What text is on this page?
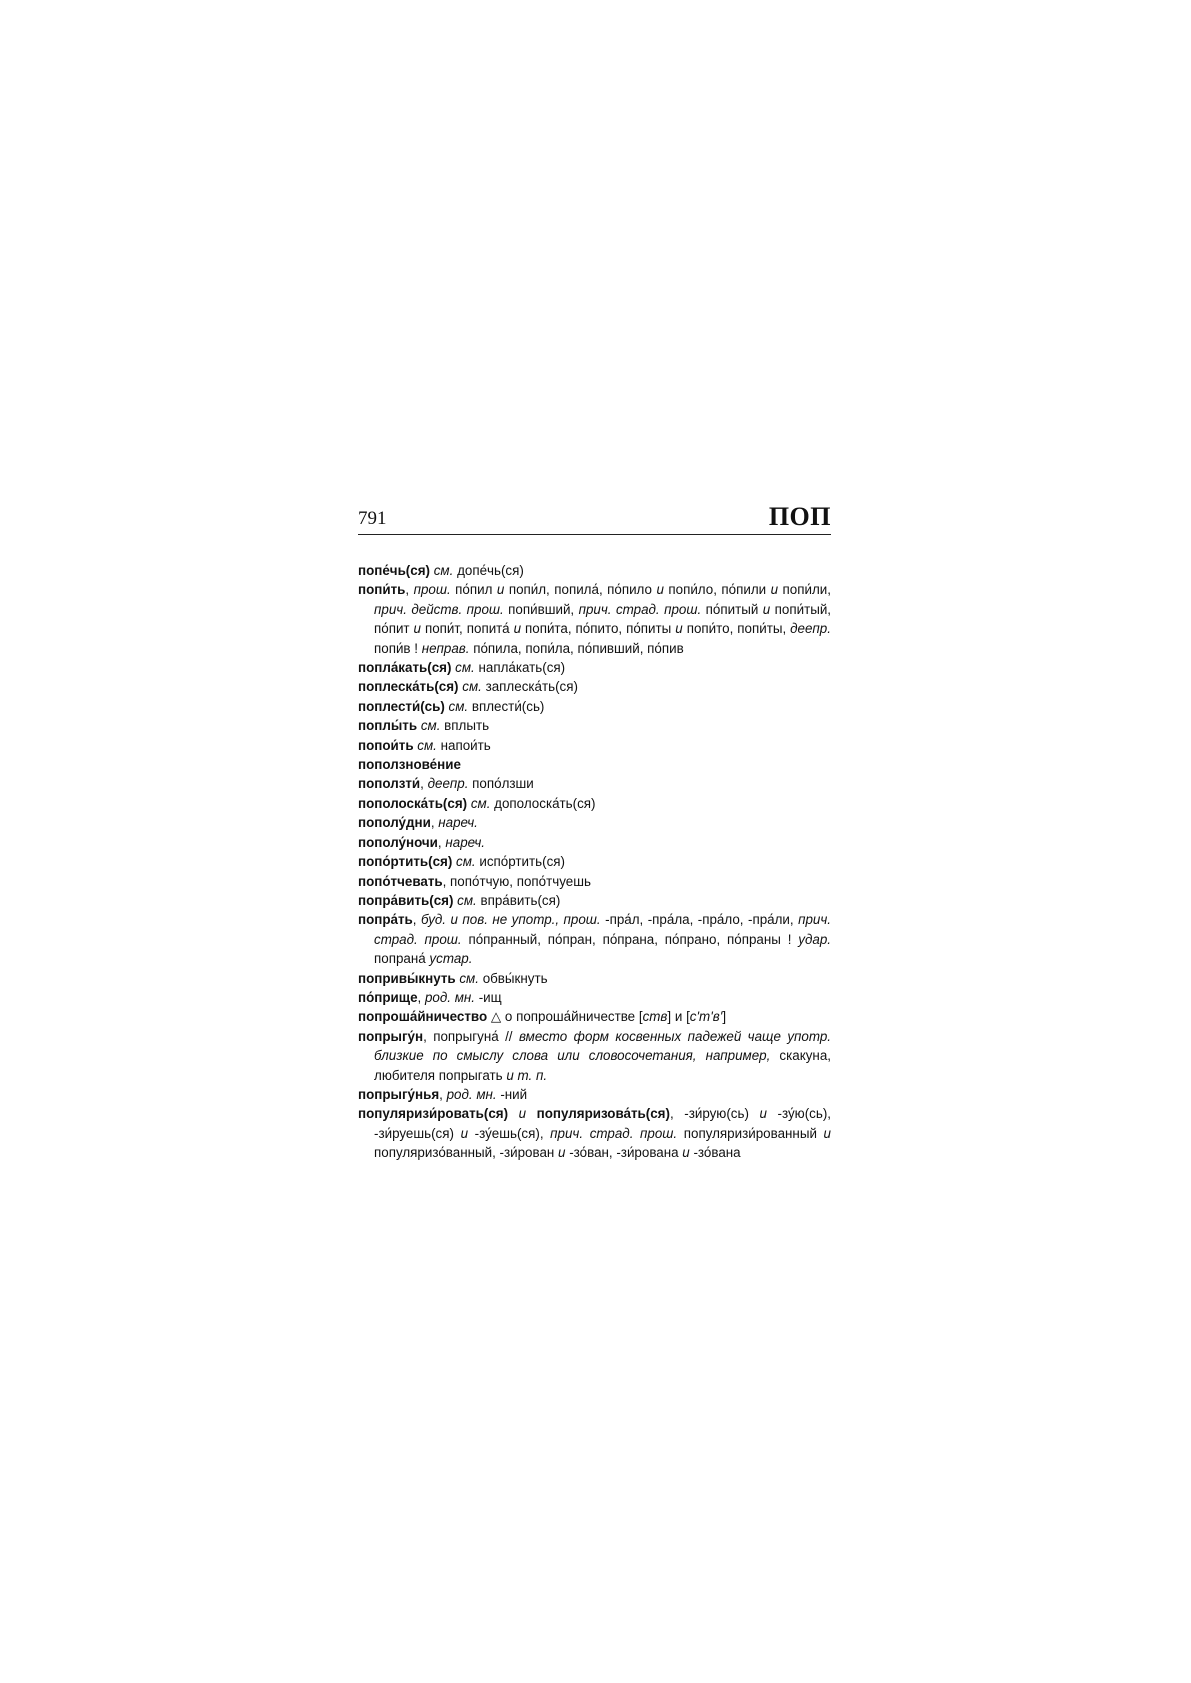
791	ПОП
попе́чь(ся) см. допе́чь(ся)
попи́ть, прош. по́пил и попи́л, попила́, по́пило и попи́ло, по́пили и попи́ли, прич. действ. прош. попи́вший, прич. страд. прош. по́питый и попи́тый, по́пит и попи́т, попита́ и попи́та, по́пито, по́питы и попи́то, попи́ты, деепр. попи́в ! неправ. по́пила, попи́ла, по́пивший, по́пив
попла́кать(ся) см. напла́кать(ся)
поплеска́ть(ся) см. заплеска́ть(ся)
поплести́(сь) см. вплести́(сь)
поплы́ть см. вплыть
попои́ть см. напои́ть
поползнове́ние
поползти́, деепр. попо́лзши
пополоска́ть(ся) см. дополоска́ть(ся)
пополу́дни, нареч.
пополу́ночи, нареч.
попо́ртить(ся) см. испо́ртить(ся)
попо́тчевать, попо́тчую, попо́тчуешь
попра́вить(ся) см. впра́вить(ся)
попра́ть, буд. и пов. не употр., прош. -пра́л, -пра́ла, -пра́ло, -пра́ли, прич. страд. прош. по́пранный, по́пран, по́прана, по́прано, по́праны ! удар. попрана́ устар.
попривы́кнуть см. обвы́кнуть
по́прище, род. мн. -ищ
попроша́йничество △ о попроша́йничестве [ств] и [с'т'в']
попрыгу́н, попрыгуна́ // вместо форм косвенных падежей чаще употр. близкие по смыслу слова или словосочетания, например, скакуна, любителя попрыгать и т. п.
попрыгу́нья, род. мн. -ний
популяризи́ровать(ся) и популяризова́ть(ся), -зи́рую(сь) и -зу́ю(сь), -зи́руешь(ся) и -зу́ешь(ся), прич. страд. прош. популяризи́рованный и популяризо́ванный, -зи́рован и -зо́ван, -зи́рована и -зо́вана
